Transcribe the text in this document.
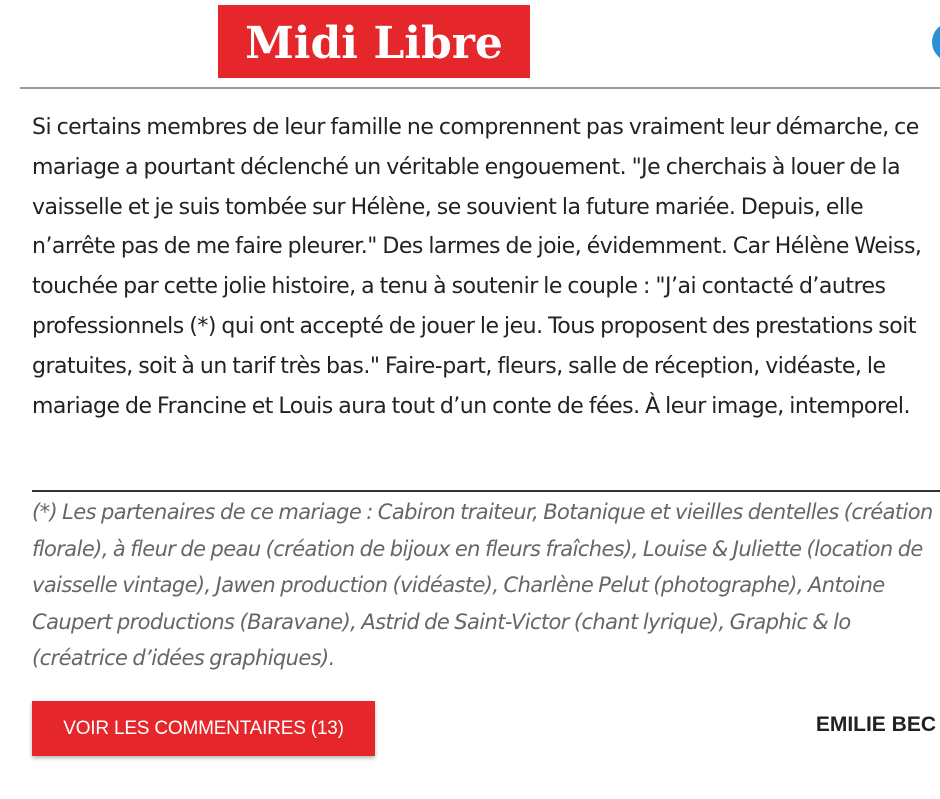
Midi Libre

Si certains membres de leur famille ne comprennent pas vraiment leur démarche, ce mariage a pourtant déclenché un véritable engouement. "Je cherchais à louer de la vaisselle et je suis tombée sur Hélène, se souvient la future mariée. Depuis, elle n’arrête pas de me faire pleurer." Des larmes de joie, évidemment. Car Hélène Weiss, touchée par cette jolie histoire, a tenu à soutenir le couple : "J’ai contacté d’autres professionnels (*) qui ont accepté de jouer le jeu. Tous proposent des prestations soit gratuites, soit à un tarif très bas." Faire-part, fleurs, salle de réception, vidéaste, le mariage de Francine et Louis aura tout d’un conte de fées. À leur image, intemporel.

(*) Les partenaires de ce mariage : Cabiron traiteur, Botanique et vieilles dentelles (création florale), à fleur de peau (création de bijoux en fleurs fraîches), Louise & Juliette (location de vaisselle vintage), Jawen production (vidéaste), Charlène Pelut (photographe), Antoine Caupert productions (Baravane), Astrid de Saint-Victor (chant lyrique), Graphic & lo (créatrice d’idées graphiques).

VOIR LES COMMENTAIRES (13)	EMILIE BEC
